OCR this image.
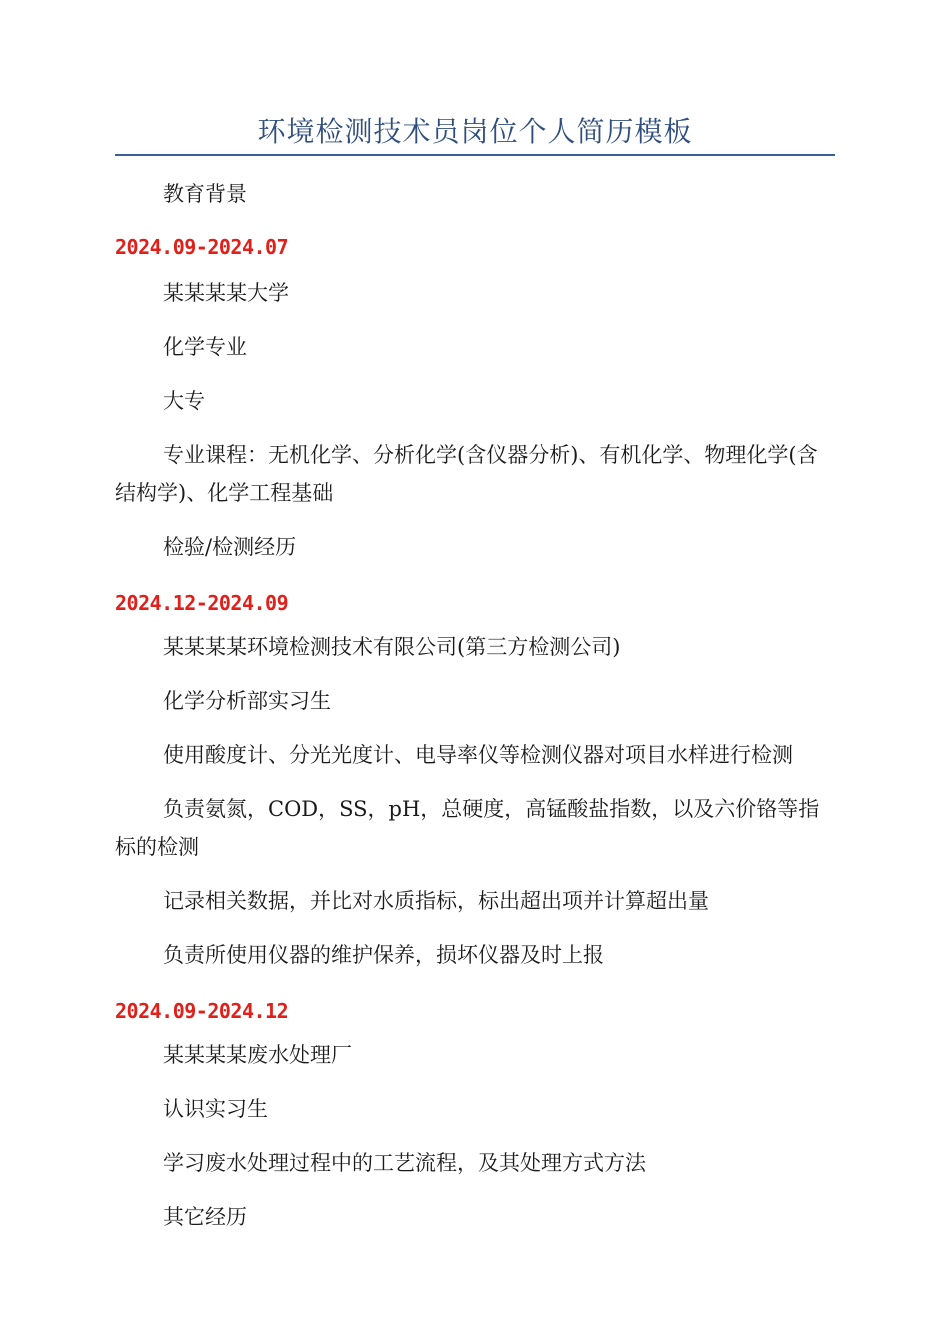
环境检测技术员岗位个人简历模板
教育背景
2024.09-2024.07
某某某某大学
化学专业
大专
专业课程：无机化学、分析化学(含仪器分析)、有机化学、物理化学(含结构学)、化学工程基础
检验/检测经历
2024.12-2024.09
某某某某环境检测技术有限公司(第三方检测公司)
化学分析部实习生
使用酸度计、分光光度计、电导率仪等检测仪器对项目水样进行检测
负责氨氮，COD，SS，pH，总硬度，高锰酸盐指数，以及六价铬等指标的检测
记录相关数据，并比对水质指标，标出超出项并计算超出量
负责所使用仪器的维护保养，损坏仪器及时上报
2024.09-2024.12
某某某某废水处理厂
认识实习生
学习废水处理过程中的工艺流程，及其处理方式方法
其它经历
